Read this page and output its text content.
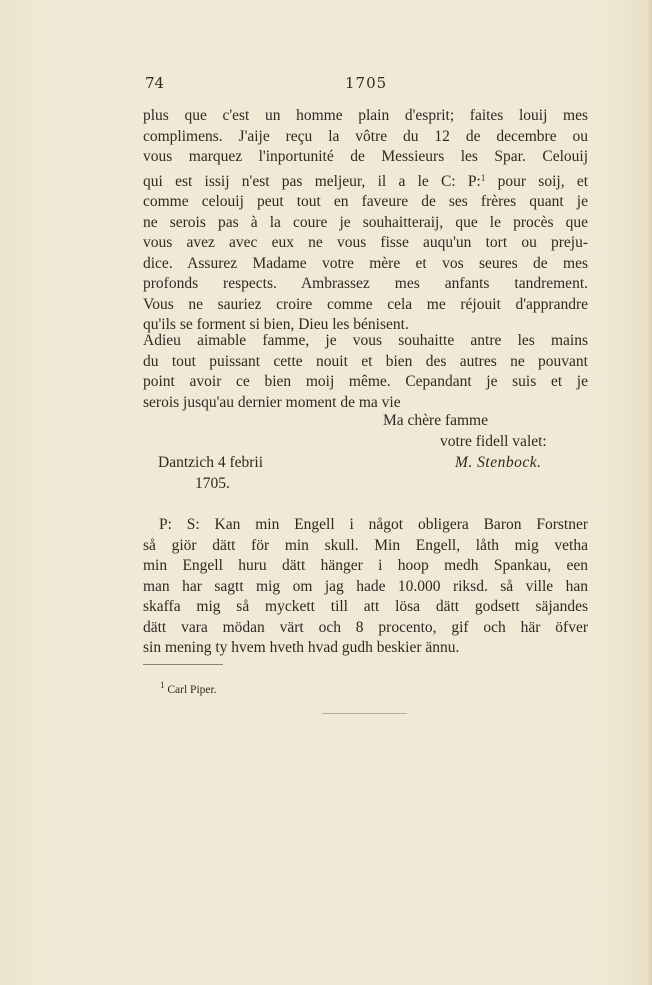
74	1705
plus que c'est un homme plain d'esprit; faites louij mes
complimens. J'aije reçu la vôtre du 12 de decembre ou
vous marquez l'inportunité de Messieurs les Spar. Celouij
qui est issij n'est pas meljeur, il a le C: P:$^1$ pour soij, et
comme celouij peut tout en faveure de ses frères quant je
ne serois pas à la coure je souhaitteraij, que le procès que
vous avez avec eux ne vous fisse auqu'un tort ou preju-
dice. Assurez Madame votre mère et vos seures de mes
profonds respects. Ambrassez mes anfants tandrement.
Vous ne sauriez croire comme cela me réjouit d'apprandre
qu'ils se forment si bien, Dieu les bénisent.
Adieu aimable famme, je vous souhaitte antre les mains
du tout puissant cette nouit et bien des autres ne pouvant
point avoir ce bien moij même. Cepandant je suis et je
serois jusqu'au dernier moment de ma vie
Ma chère famme
votre fidell valet:
Dantzich 4 febrii	M. Stenbock.
1705.
P: S: Kan min Engell i något obligera Baron Forstner
så giör dätt för min skull. Min Engell, låth mig vetha
min Engell huru dätt hänger i hoop medh Spankau, een
man har sagtt mig om jag hade 10.000 riksd. så ville han
skaffa mig så myckett till att lösa dätt godsett säjandes
dätt vara mödan värt och 8 procento, gif och här öfver
sin mening ty hvem hveth hvad gudh beskier ännu.
$^1$ Carl Piper.
